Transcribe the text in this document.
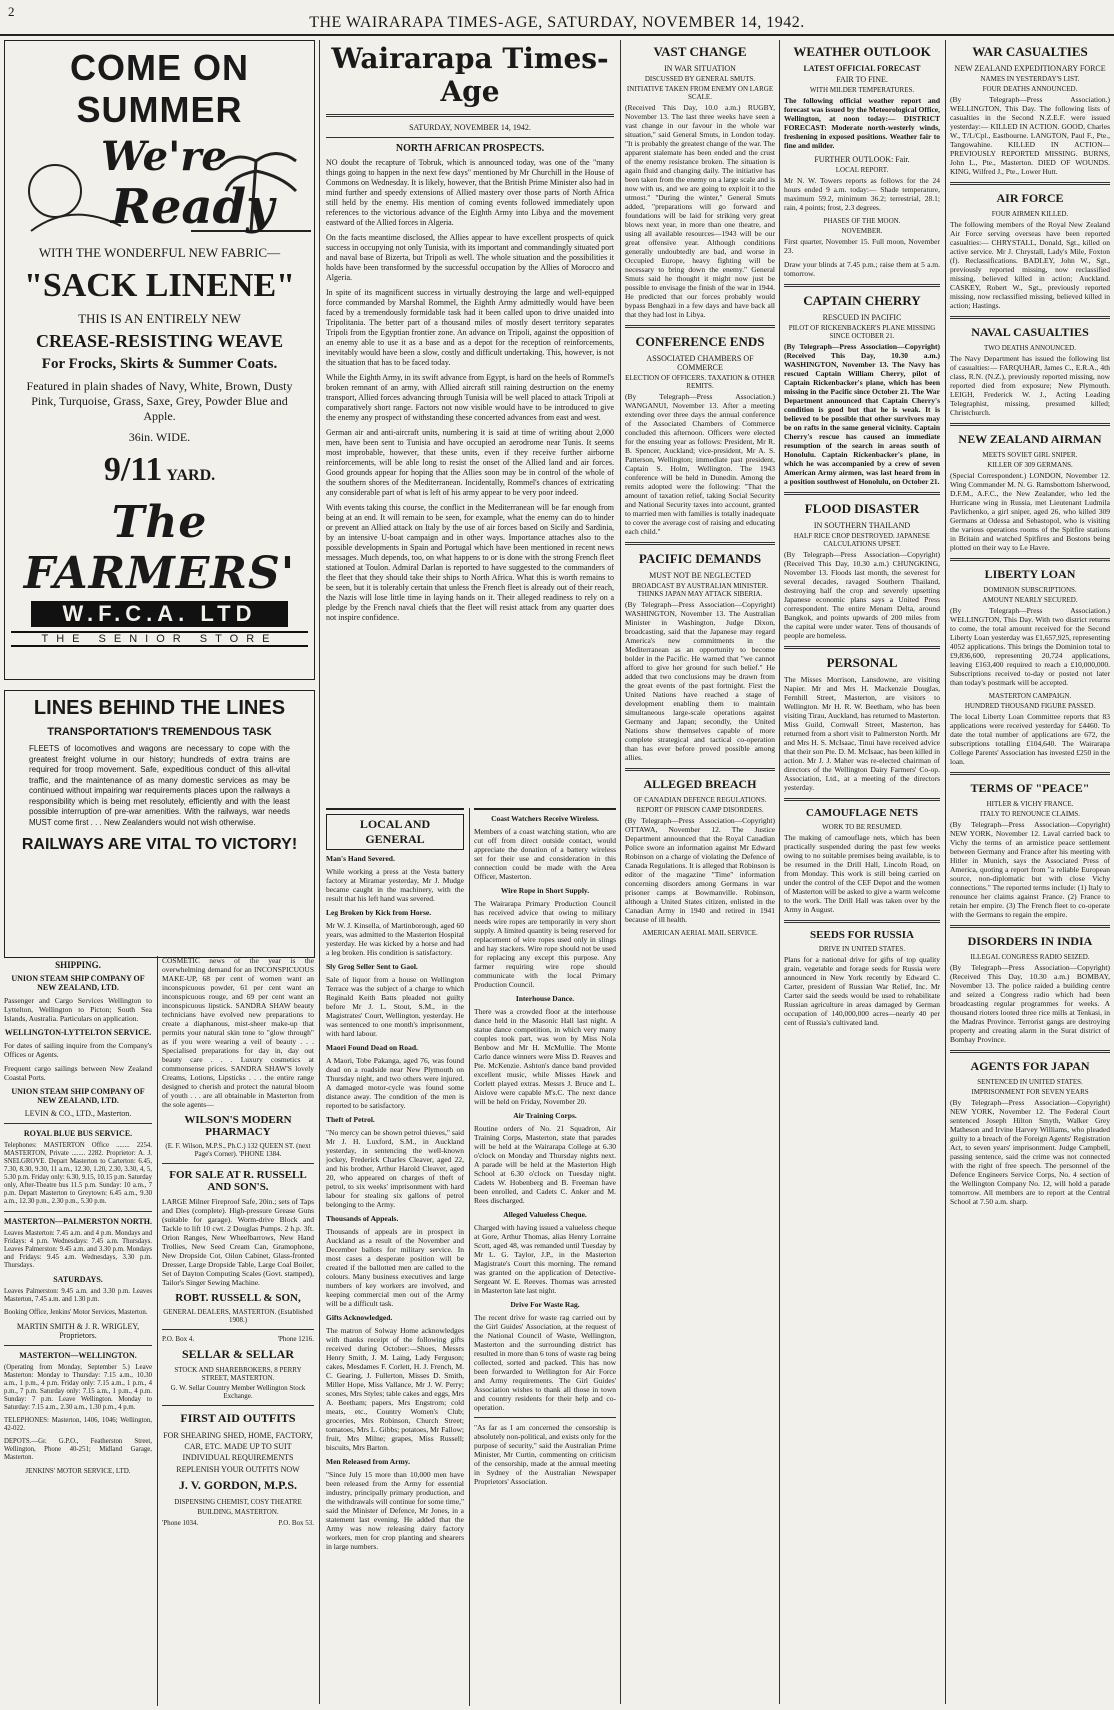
2
THE WAIRARAPA TIMES-AGE, SATURDAY, NOVEMBER 14, 1942.
COME ON SUMMER
We're
Ready
WITH THE WONDERFUL NEW FABRIC—
"SACK LINENE"
THIS IS AN ENTIRELY NEW
CREASE-RESISTING WEAVE
For Frocks, Skirts & Summer Coats.
Featured in plain shades of Navy, White, Brown, Dusty Pink, Turquoise, Grass, Saxe, Grey, Powder Blue and Apple.
36in. WIDE.
9/11 YARD.
The FARMERS'
W.F.C.A. LTD
THE SENIOR STORE
LINES BEHIND THE LINES
TRANSPORTATION'S TREMENDOUS TASK

FLEETS of locomotives and wagons are necessary to cope with the greatest freight volume in our history; hundreds of extra trains are required for troop movement. Safe, expeditious conduct of this all-vital traffic, and the maintenance of as many domestic services as may be continued without impairing war requirements places upon the railways a responsibility which is being met resolutely, efficiently and with the least possible interruption of pre-war amenities. With the railways, war needs MUST come first . . . New Zealanders would not wish otherwise.

RAILWAYS ARE VITAL TO VICTORY!
SHIPPING.
UNION STEAM SHIP COMPANY OF NEW ZEALAND, LTD.

Passenger and Cargo Services Wellington to Lyttelton, Wellington to Picton; South Sea Islands, Australia. Particulars on application.

WELLINGTON-LYTTELTON SERVICE.

For dates of sailing inquire from the Company's Offices or Agents.

Frequent cargo sailings between New Zealand Coastal Ports.

UNION STEAM SHIP COMPANY OF NEW ZEALAND, LTD.
LEVIN & CO., LTD., Masterton.
ROYAL BLUE BUS SERVICE.

Telephones: MASTERTON Office ........ 2254. MASTERTON, Private ........ 2282. Proprietor: A. J. SNELGROVE. Depart Masterton to Carterton: 6.45, 7.30, 8.30, 9.30, 11 a.m., 12.30, 1.20, 2.30, 3.30, 4, 5, 5.30 p.m. Friday only: 6.30, 9.15, 10.15 p.m. Saturday only, After-Theatre bus 11.5 p.m. Sunday: 10 a.m., 7 p.m. Depart Masterton to Greytown: 6.45 a.m., 9.30 a.m., 12.30 p.m., 2.30 p.m., 5.30 p.m.

MASTERTON—PALMERSTON NORTH.

Leaves Masterton: 7.45 a.m. and 4 p.m. Mondays and Fridays: 4 p.m. Wednesdays: 7.45 a.m. Thursdays. Leaves Palmerston: 9.45 a.m. and 3.30 p.m. Mondays and Fridays: 9.45 a.m. Wednesdays, 3.30 p.m. Thursdays.

SATURDAYS.

Leaves Palmerston: 9.45 a.m. and 3.30 p.m. Leaves Masterton, 7.45 a.m. and 1.30 p.m.

Booking Office, Jenkins' Motor Services, Masterton.

MARTIN SMITH & J. R. WRIGLEY, Proprietors.
MASTERTON—WELLINGTON.

(Operating from Monday, September 5.) Leave Masterton: Monday to Thursday: 7.15 a.m., 10.30 a.m., 1 p.m., 4 p.m. Friday only: 7.15 a.m., 1 p.m., 4 p.m., 7 p.m. Saturday only: 7.15 a.m., 1 p.m., 4 p.m. Sunday: 7 p.m. Leave Wellington. Monday to Saturday: 7.15 a.m., 2.30 a.m., 1.30 p.m., 4 p.m.

TELEPHONES: Masterton, 1406, 1046; Wellington, 42-022.

DEPOTS.—Gr. G.P.O., Featherston Street, Wellington, Phone 40-251; Midland Garage, Masterton.

JENKINS' MOTOR SERVICE, LTD.

COSMETIC news of the year is the overwhelming demand for an INCONSPICUOUS MAKE-UP, 68 per cent of women want an inconspicuous powder, 61 per cent want an inconspicuous rouge, and 69 per cent want an inconspicuous lipstick. SANDRA SHAW beauty technicians have evolved new preparations to create a diaphanous, mist-sheer make-up that permits your natural skin tone to "glow through" as if you were wearing a veil of beauty . . . Specialised preparations for day in, day out beauty care . . . Luxury cosmetics at commonsense prices. SANDRA SHAW'S lovely Creams, Lotions, Lipsticks . . . the entire range designed to cherish and protect the natural bloom of youth . . . are all obtainable in Masterton from the sole agents—

WILSON'S MODERN PHARMACY
(E. F. Wilson, M.P.S., Ph.C.) 132 QUEEN ST. (next Page's Corner). 'PHONE 1384.
FOR SALE AT R. RUSSELL AND SON'S.

LARGE Milner Fireproof Safe, 20in.; sets of Taps and Dies (complete). High-pressure Grease Guns (suitable for garage). Worm-drive Block and Tackle to lift 10 cwt. 2 Douglas Pumps. 2 h.p. 3ft. Orion Ranges, New Wheelbarrows, New Hand Trollies, New Seed Cream Can, Gramophone, New Dropside Cot, Oilon Cabinet, Glass-fronted Dresser, Large Dropside Table, Large Coal Boiler, Set of Dayton Computing Scales (Govt. stamped), Tailor's Singer Sewing Machine.

ROBT. RUSSELL & SON,
GENERAL DEALERS, MASTERTON. (Established 1908.)
P.O. Box 4.	'Phone 1216.
SELLAR & SELLAR
STOCK AND SHAREBROKERS, 8 PERRY STREET, MASTERTON.
G. W. Sellar Country Member Wellington Stock Exchange.
FIRST AID OUTFITS
FOR SHEARING SHED, HOME, FACTORY, CAR, ETC. MADE UP TO SUIT INDIVIDUAL REQUIREMENTS
REPLENISH YOUR OUTFITS NOW
J. V. GORDON, M.P.S.
DISPENSING CHEMIST, COSY THEATRE BUILDING, MASTERTON.
'Phone 1034.	P.O. Box 53.
Wairarapa Times-Age
SATURDAY, NOVEMBER 14, 1942.
NORTH AFRICAN PROSPECTS.

NO doubt the recapture of Tobruk, which is announced today, was one of the "many things going to happen in the next few days" mentioned by Mr Churchill in the House of Commons on Wednesday. It is likely, however, that the British Prime Minister also had in mind further and speedy extensions of Allied mastery over those parts of North Africa still held by the enemy. His mention of coming events followed immediately upon references to the victorious advance of the Eighth Army into Libya and the movement eastward of the Allied forces in Algeria.

On the facts meantime disclosed, the Allies appear to have excellent prospects of quick success in occupying not only Tunisia, with its important and commandingly situated port and naval base of Bizerta, but Tripoli as well. The whole situation and the possibilities it holds have been transformed by the successful occupation by the Allies of Morocco and Algeria.

In spite of its magnificent success in virtually destroying the large and well-equipped force commanded by Marshal Rommel, the Eighth Army admittedly would have been faced by a tremendously formidable task had it been called upon to drive unaided into Tripolitania. The better part of a thousand miles of mostly desert territory separates Tripoli from the Egyptian frontier zone. An advance on Tripoli, against the opposition of an enemy able to use it as a base and as a depot for the reception of reinforcements, inevitably would have been a slow, costly and difficult undertaking. This, however, is not the situation that has to be faced today.

While the Eighth Army, in its swift advance from Egypt, is hard on the heels of Rommel's broken remnant of an army, with Allied aircraft still raining destruction on the enemy transport, Allied forces advancing through Tunisia will be well placed to attack Tripoli at comparatively short range. Factors not now visible would have to be introduced to give the enemy any prospect of withstanding these concerted advances from east and west.

German air and anti-aircraft units, numbering it is said at time of writing about 2,000 men, have been sent to Tunisia and have occupied an aerodrome near Tunis. It seems most improbable, however, that these units, even if they receive further airborne reinforcements, will be able long to resist the onset of the Allied land and air forces. Good grounds appear for hoping that the Allies soon may be in control of the whole of the southern shores of the Mediterranean. Incidentally, Rommel's chances of extricating any considerable part of what is left of his army appear to be very poor indeed.

With events taking this course, the conflict in the Mediterranean will be far enough from being at an end. It will remain to be seen, for example, what the enemy can do to hinder or prevent an Allied attack on Italy by the use of air forces based on Sicily and Sardinia, by an intensive U-boat campaign and in other ways. Importance attaches also to the possible developments in Spain and Portugal which have been mentioned in recent news messages. Much depends, too, on what happens to or is done with the strong French fleet stationed at Toulon. Admiral Darlan is reported to have suggested to the commanders of the fleet that they should take their ships to North Africa. What this is worth remains to be seen, but it is tolerably certain that unless the French fleet is already out of their reach, the Nazis will lose little time in laying hands on it. Their alleged readiness to rely on a pledge by the French naval chiefs that the fleet will resist attack from any quarter does not inspire confidence.

LOCAL AND GENERAL
Man's Hand Severed.

While working a press at the Vesta battery factory at Miramar yesterday, Mr J. Mudge became caught in the machinery, with the result that his left hand was severed.

Leg Broken by Kick from Horse.

Mr W. J. Kinsella, of Martinborough, aged 60 years, was admitted to the Masterton Hospital yesterday. He was kicked by a horse and had a leg broken. His condition is satisfactory.

Sly Grog Seller Sent to Gaol.

Sale of liquor from a house on Wellington Terrace was the subject of a charge to which Reginald Keith Batts pleaded not guilty before Mr J. L. Stout, S.M., in the Magistrates' Court, Wellington, yesterday. He was sentenced to one month's imprisonment, with hard labour.

Maori Found Dead on Road.

A Maori, Tobe Pakanga, aged 76, was found dead on a roadside near New Plymouth on Thursday night, and two others were injured. A damaged motor-cycle was found some distance away. The condition of the men is reported to be satisfactory.

Theft of Petrol.

"No mercy can be shown petrol thieves," said Mr J. H. Luxford, S.M., in Auckland yesterday, in sentencing the well-known jockey, Frederick Charles Cleaver, aged 22, and his brother, Arthur Harold Cleaver, aged 20, who appeared on charges of theft of petrol, to six weeks' imprisonment with hard labour for stealing six gallons of petrol belonging to the Army.

Thousands of Appeals.

Thousands of appeals are in prospect in Auckland as a result of the November and December ballots for military service. In most cases a desperate position will be created if the ballotted men are called to the colours. Many business executives and large numbers of key workers are involved, and keeping commercial men out of the Army will be a difficult task.

Gifts Acknowledged.

The matron of Solway Home acknowledges with thanks receipt of the following gifts received during October:—Shoes, Messrs Henry Smith, J. M. Laing, Lady Ferguson; cakes, Mesdames F. Corlett, H. J. French, M. C. Gearing, J. Fullerton, Misses D. Smith, Miller Hope, Miss Vallance, Mr J. W. Perry; scones, Mrs Styles; table cakes and eggs, Mrs A. Beetham; papers, Mrs Engstrom; cold meats, etc., Country Women's Club; groceries, Mrs Robinson, Church Street; tomatoes, Mrs L. Gibbs; potatoes, Mr Fallow; fruit, Mrs Milne; grapes, Miss Russell; biscuits, Mrs Barton.

Men Released from Army.

"Since July 15 more than 10,000 men have been released from the Army for essential industry, principally primary production, and the withdrawals will continue for some time," said the Minister of Defence, Mr Jones, in a statement last evening. He added that the Army was now releasing dairy factory workers, men for crop planting and shearers in large numbers.

Coast Watchers Receive Wireless.

Members of a coast watching station, who are cut off from direct outside contact, would appreciate the donation of a battery wireless set for their use and consideration in this connection could be made with the Area Officer, Masterton.

Wire Rope in Short Supply.

The Wairarapa Primary Production Council has received advice that owing to military needs wire ropes are temporarily in very short supply. A limited quantity is being reserved for replacement of wire ropes used only in slings and hay stackers. Wire rope should not be used for replacing any except this purpose. Any farmer requiring wire rope should communicate with the local Primary Production Council.

Interhouse Dance.

There was a crowded floor at the interhouse dance held in the Masonic Hall last night. A statue dance competition, in which very many couples took part, was won by Miss Nola Benbow and Mr H. McMullie. The Monte Carlo dance winners were Miss D. Reaves and Pte. McKenzie. Ashton's dance band provided excellent music, while Misses Hawk and Corlett played extras. Messrs J. Bruce and L. Aislove were capable M's.C. The next dance will be held on Friday, November 20.

Air Training Corps.

Routine orders of No. 21 Squadron, Air Training Corps, Masterton, state that parades will be held at the Wairarapa College at 6.30 o'clock on Monday and Thursday nights next. A parade will be held at the Masterton High School at 6.30 o'clock on Tuesday night. Cadets W. Hobenberg and B. Freeman have been enrolled, and Cadets C. Anker and M. Rees discharged.

Alleged Valueless Cheque.

Charged with having issued a valueless cheque at Gore, Arthur Thomas, alias Henry Lorraine Scott, aged 48, was remanded until Tuesday by Mr L. G. Taylor, J.P., in the Masterton Magistrate's Court this morning. The remand was granted on the application of Detective-Sergeant W. E. Reeves. Thomas was arrested in Masterton late last night.

Drive For Waste Rag.

The recent drive for waste rag carried out by the Girl Guides' Association, at the request of the National Council of Waste, Wellington, Masterton and the surrounding district has resulted in more than 6 tons of waste rag being collected, sorted and packed. This has now been forwarded to Wellington for Air Force and Army requirements. The Girl Guides' Association wishes to thank all those in town and country residents for their help and co-operation.

"As far as I am concerned the censorship is absolutely non-political, and exists only for the purpose of security," said the Australian Prime Minister, Mr Curtin, commenting on criticism of the censorship, made at the annual meeting in Sydney of the Australian Newspaper Proprietors' Association.

VAST CHANGE
IN WAR SITUATION
DISCUSSED BY GENERAL SMUTS.
INITIATIVE TAKEN FROM ENEMY ON LARGE SCALE.

(Received This Day, 10.0 a.m.) RUGBY, November 13. The last three weeks have seen a vast change in our favour in the whole war situation," said General Smuts, in London today. "It is probably the greatest change of the war. The apparent stalemate has been ended and the crust of the enemy resistance broken. The situation is again fluid and changing daily. The initiative has been taken from the enemy on a large scale and is now with us, and we are going to exploit it to the utmost." "During the winter," General Smuts added, "preparations will go forward and foundations will be laid for striking very great blows next year, in more than one theatre, and using all available resources—1943 will be our great offensive year. Although conditions generally undoubtedly are bad, and worse in Occupied Europe, heavy fighting will be necessary to bring down the enemy." General Smuts said he thought it might now just be possible to envisage the finish of the war in 1944. He predicted that our forces probably would bypass Benghazi in a few days and have back all that they had lost in Libya.

CONFERENCE ENDS
ASSOCIATED CHAMBERS OF COMMERCE
ELECTION OF OFFICERS. TAXATION & OTHER REMITS.

(By Telegraph—Press Association.) WANGANUI, November 13. After a meeting extending over three days the annual conference of the Associated Chambers of Commerce concluded this afternoon. Officers were elected for the ensuing year as follows: President, Mr R. B. Spencer, Auckland; vice-president, Mr A. S. Patterson, Wellington; immediate past president, Captain S. Holm, Wellington. The 1943 conference will be held in Dunedin. Among the remits adopted were the following: "That the amount of taxation relief, taking Social Security and National Security taxes into account, granted to married men with families is totally inadequate to cover the average cost of raising and educating each child."

PACIFIC DEMANDS
MUST NOT BE NEGLECTED
BROADCAST BY AUSTRALIAN MINISTER. THINKS JAPAN MAY ATTACK SIBERIA.

(By Telegraph—Press Association—Copyright) WASHINGTON, November 13. The Australian Minister in Washington, Judge Dixon, broadcasting, said that the Japanese may regard America's new commitments in the Mediterranean as an opportunity to become bolder in the Pacific. He warned that "we cannot afford to give her ground for such belief." He added that two conclusions may be drawn from the great events of the past fortnight. First the United Nations have reached a stage of development enabling them to maintain simultaneous large-scale operations against Germany and Japan; secondly, the United Nations show themselves capable of more complete strategical and tactical co-operation than has ever before proved possible among allies.

ALLEGED BREACH
OF CANADIAN DEFENCE REGULATIONS.
REPORT OF PRISON CAMP DISORDERS.

(By Telegraph—Press Association—Copyright) OTTAWA, November 12. The Justice Department announced that the Royal Canadian Police swore an information against Mr Edward Robinson on a charge of violating the Defence of Canada Regulations. It is alleged that Robinson is editor of the magazine "Time" information concerning disorders among Germans in war prisoner camps at Bowmanville. Robinson, although a United States citizen, enlisted in the Canadian Army in 1940 and retired in 1941 because of ill health.

AMERICAN AERIAL MAIL SERVICE.
WEATHER OUTLOOK
LATEST OFFICIAL FORECAST
FAIR TO FINE.
WITH MILDER TEMPERATURES.

The following official weather report and forecast was issued by the Meteorological Office, Wellington, at noon today:— DISTRICT FORECAST: Moderate north-westerly winds, freshening in exposed positions. Weather fair to fine and milder.

FURTHER OUTLOOK: Fair.
LOCAL REPORT.

Mr N. W. Towers reports as follows for the 24 hours ended 9 a.m. today:— Shade temperature, maximum 59.2, minimum 36.2; terrestrial, 28.1; rain, 4 points; frost, 2.3 degrees.

PHASES OF THE MOON.
NOVEMBER.

First quarter, November 15. Full moon, November 23.

Draw your blinds at 7.45 p.m.; raise them at 5 a.m. tomorrow.

CAPTAIN CHERRY
RESCUED IN PACIFIC
PILOT OF RICKENBACKER'S PLANE MISSING SINCE OCTOBER 21.

(By Telegraph—Press Association—Copyright) (Received This Day, 10.30 a.m.) WASHINGTON, November 13. The Navy has rescued Captain William Cherry, pilot of Captain Rickenbacker's plane, which has been missing in the Pacific since October 21. The War Department announced that Captain Cherry's condition is good but that he is weak. It is believed to be possible that other survivors may be on rafts in the same general vicinity. Captain Cherry's rescue has caused an immediate resumption of the search in areas south of Honolulu. Captain Rickenbacker's plane, in which he was accompanied by a crew of seven American Army airmen, was last heard from in a position southwest of Honolulu, on October 21.

FLOOD DISASTER
IN SOUTHERN THAILAND
HALF RICE CROP DESTROYED. JAPANESE CALCULATIONS UPSET.

(By Telegraph—Press Association—Copyright) (Received This Day, 10.30 a.m.) CHUNGKING, November 13. Floods last month, the severest for several decades, ravaged Southern Thailand, destroying half the crop and severely upsetting Japanese economic plans says a United Press correspondent. The entire Menam Delta, around Bangkok, and points upwards of 200 miles from the capital were under water. Tens of thousands of people are homeless.

PERSONAL

The Misses Morrison, Lansdowne, are visiting Napier. Mr and Mrs H. Mackenzie Douglas, Fernhill Street, Masterton, are visitors to Wellington. Mr H. R. W. Beetham, who has been visiting Tirau, Auckland, has returned to Masterton. Miss Guild, Cornwall Street, Masterton, has returned from a short visit to Palmerston North. Mr and Mrs H. S. McIsaac, Tinui have received advice that their son Pte. D. M. McIsaac, has been killed in action. Mr J. J. Maher was re-elected chairman of directors of the Wellington Dairy Farmers' Co-op. Association, Ltd., at a meeting of the directors yesterday.

CAMOUFLAGE NETS
WORK TO BE RESUMED.

The making of camouflage nets, which has been practically suspended during the past few weeks owing to no suitable premises being available, is to be resumed in the Drill Hall, Lincoln Road, on from Monday. This work is still being carried on under the control of the CEF Depot and the women of Masterton will be asked to give a warm welcome to the work. The Drill Hall was taken over by the Army in August.

SEEDS FOR RUSSIA
DRIVE IN UNITED STATES.

Plans for a national drive for gifts of top quality grain, vegetable and forage seeds for Russia were announced in New York recently by Edward C. Carter, president of Russian War Relief, Inc. Mr Carter said the seeds would be used to rehabilitate Russian agriculture in areas damaged by German occupation of 140,000,000 acres—nearly 40 per cent of Russia's cultivated land.

WAR CASUALTIES
NEW ZEALAND EXPEDITIONARY FORCE
NAMES IN YESTERDAY'S LIST.
FOUR DEATHS ANNOUNCED.

(By Telegraph—Press Association.) WELLINGTON, This Day. The following lists of casualties in the Second N.Z.E.F. were issued yesterday:— KILLED IN ACTION. GOOD, Charles W., T/L/Cpl., Eastbourne. LANGTON, Paul F., Pte., Tangowahine. KILLED IN ACTION—PREVIOUSLY REPORTED MISSING. BURNS, John L., Pte., Masterton. DIED OF WOUNDS. KING, Wilfred J., Pte., Lower Hutt.

AIR FORCE
FOUR AIRMEN KILLED.

The following members of the Royal New Zealand Air Force serving overseas have been reported casualties:— CHRYSTALL, Donald, Sgt., killed on active service. Mr J. Chrystall, Lady's Mile, Foxton (f). Reclassifications. BADLEY, John W., Sgt., previously reported missing, now reclassified missing, believed killed in action; Auckland. CASKEY, Robert W., Sgt., previously reported missing, now reclassified missing, believed killed in action; Hastings.

NAVAL CASUALTIES
TWO DEATHS ANNOUNCED.

The Navy Department has issued the following list of casualties:— FARQUHAR, James C., E.R.A., 4th class, R.N. (N.Z.), previously reported missing, now reported died from exposure; New Plymouth. LEIGH, Frederick W. J., Acting Leading Telegraphist, missing, presumed killed; Christchurch.

NEW ZEALAND AIRMAN
MEETS SOVIET GIRL SNIPER.
KILLER OF 309 GERMANS.

(Special Correspondent.) LONDON, November 12. Wing Commander M. N. G. Ramsbottom Isherwood, D.F.M., A.F.C., the New Zealander, who led the Hurricane wing in Russia, met Lieutenant Ludmila Pavlichenko, a girl sniper, aged 26, who killed 309 Germans at Odessa and Sebastopol, who is visiting the various operations rooms of the Spitfire stations in Britain and watched Spitfires and Bostons being plotted on their way to Le Havre.

LIBERTY LOAN
DOMINION SUBSCRIPTIONS.
AMOUNT NEARLY SECURED.

(By Telegraph—Press Association.) WELLINGTON, This Day. With two district returns to come, the total amount received for the Second Liberty Loan yesterday was £1,657,925, representing 4052 applications. This brings the Dominion total to £9,836,600, representing 20,724 applications, leaving £163,400 required to reach a £10,000,000. Subscriptions received to-day or posted not later than today's postmark will be accepted.

MASTERTON CAMPAIGN.
HUNDRED THOUSAND FIGURE PASSED.

The local Liberty Loan Committee reports that 83 applications were received yesterday for £4460. To date the total number of applications are 672, the subscriptions totalling £104,640. The Wairarapa College Parents' Association has invested £250 in the loan.

TERMS OF "PEACE"
HITLER & VICHY FRANCE.
ITALY TO RENOUNCE CLAIMS.

(By Telegraph—Press Association—Copyright) NEW YORK, November 12. Laval carried back to Vichy the terms of an armistice peace settlement between Germany and France after his meeting with Hitler in Munich, says the Associated Press of America, quoting a report from "a reliable European source, non-diplomatic but with close Vichy connections." The reported terms include: (1) Italy to renounce her claims against France. (2) France to retain her empire. (3) The French fleet to co-operate with the Germans to regain the empire.

DISORDERS IN INDIA
ILLEGAL CONGRESS RADIO SEIZED.

(By Telegraph—Press Association—Copyright) (Received This Day, 10.30 a.m.) BOMBAY, November 13. The police raided a building centre and seized a Congress radio which had been broadcasting regular programmes for weeks. A thousand rioters looted three rice mills at Tenkasi, in the Madras Province. Terrorist gangs are destroying property and creating alarm in the Surat district of Bombay Province.

AGENTS FOR JAPAN
SENTENCED IN UNITED STATES.
IMPRISONMENT FOR SEVEN YEARS

(By Telegraph—Press Association—Copyright) NEW YORK, November 12. The Federal Court sentenced Joseph Hilton Smyth, Walker Grey Matheson and Irvine Harvey Williams, who pleaded guilty to a breach of the Foreign Agents' Registration Act, to seven years' imprisonment. Judge Campbell, passing sentence, said the crime was not connected with the right of free speech. The personnel of the Defence Engineers Service Corps, No. 4 section of the Wellington Company No. 12, will hold a parade tomorrow. All members are to report at the Central School at 7.50 a.m. sharp.
